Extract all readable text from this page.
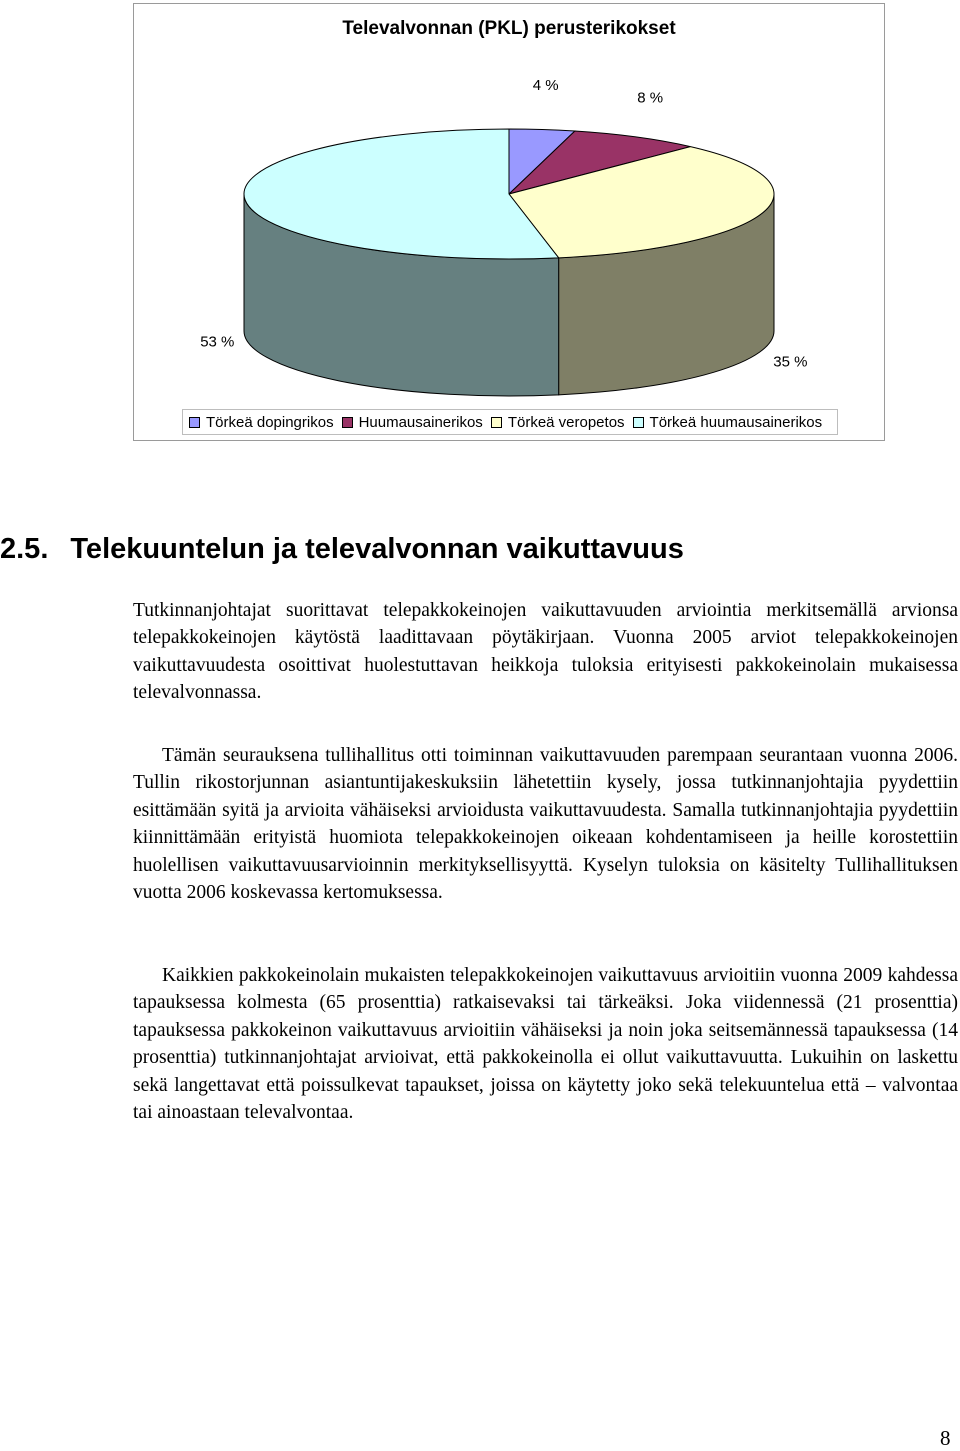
Televalvonnan (PKL) perusterikokset
4 %
8 %
35 %
53 %
Törkeä dopingrikos Huumausainerikos Törkeä veropetos Törkeä huumausainerikos
2.5. Telekuuntelun ja televalvonnan vaikuttavuus

Tutkinnanjohtajat suorittavat telepakkokeinojen vaikuttavuuden arviointia merkitsemällä arvionsa telepakkokeinojen käytöstä laadittavaan pöytäkirjaan. Vuonna 2005 arviot telepakkokeinojen vaikuttavuudesta osoittivat huolestuttavan heikkoja tuloksia erityisesti pakkokeinolain mukaisessa televalvonnassa.

Tämän seurauksena tullihallitus otti toiminnan vaikuttavuuden parempaan seurantaan vuonna 2006. Tullin rikostorjunnan asiantuntijakeskuksiin lähetettiin kysely, jossa tutkinnanjohtajia pyydettiin esittämään syitä ja arvioita vähäiseksi arvioidusta vaikuttavuudesta. Samalla tutkinnanjohtajia pyydettiin kiinnittämään erityistä huomiota telepakkokeinojen oikeaan kohdentamiseen ja heille korostettiin huolellisen vaikuttavuusarvioinnin merkityksellisyyttä. Kyselyn tuloksia on käsitelty Tullihallituksen vuotta 2006 koskevassa kertomuksessa.

Kaikkien pakkokeinolain mukaisten telepakkokeinojen vaikuttavuus arvioitiin vuonna 2009 kahdessa tapauksessa kolmesta (65 prosenttia) ratkaisevaksi tai tärkeäksi. Joka viidennessä (21 prosenttia) tapauksessa pakkokeinon vaikuttavuus arvioitiin vähäiseksi ja noin joka seitsemännessä tapauksessa (14 prosenttia) tutkinnanjohtajat arvioivat, että pakkokeinolla ei ollut vaikuttavuutta. Lukuihin on laskettu sekä langettavat että poissulkevat tapaukset, joissa on käytetty joko sekä telekuuntelua että – valvontaa tai ainoastaan televalvontaa.

8
